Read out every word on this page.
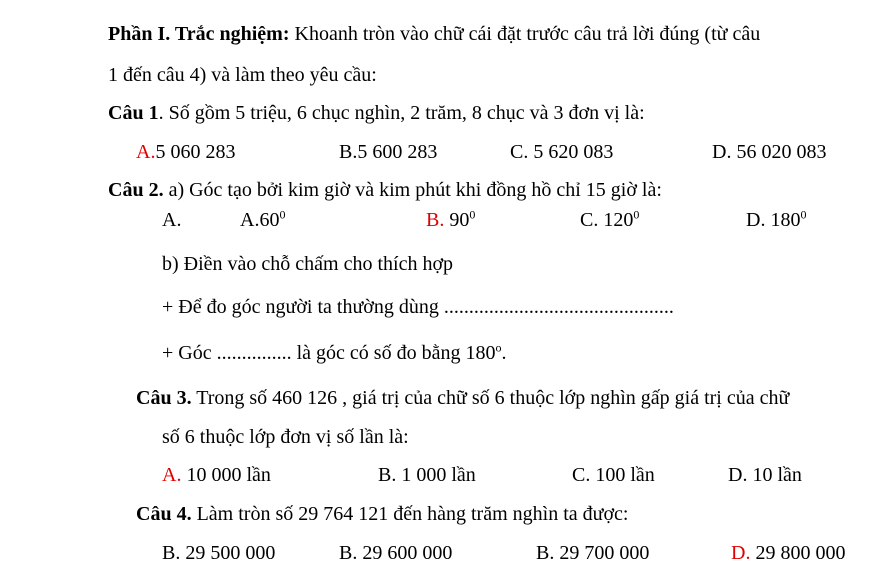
Phần I. Trắc nghiệm: Khoanh tròn vào chữ cái đặt trước câu trả lời đúng (từ câu
1 đến câu 4) và làm theo yêu cầu:
Câu 1. Số gồm 5 triệu, 6 chục nghìn, 2 trăm, 8 chục và 3 đơn vị là:
A.5 060 283	B.5 600 283	C. 5 620 083	D. 56 020 083
Câu 2. a) Góc tạo bởi kim giờ và kim phút khi đồng hồ chỉ 15 giờ là:
A.	$A.60^0$	B. $90^0$	C. $120^0$	D. $180^0$
b) Điền vào chỗ chấm cho thích hợp
+ Để đo góc người ta thường dùng ..............................................
+ Góc ............... là góc có số đo bằng 180$^o$.
Câu 3. Trong số 460 126 , giá trị của chữ số 6 thuộc lớp nghìn gấp giá trị của chữ
số 6 thuộc lớp đơn vị số lần là:
A. 10 000 lần	B. 1 000 lần	C. 100 lần	D. 10 lần
Câu 4. Làm tròn số 29 764 121 đến hàng trăm nghìn ta được:
B. 29 500 000	B. 29 600 000	B. 29 700 000	D. 29 800 000
